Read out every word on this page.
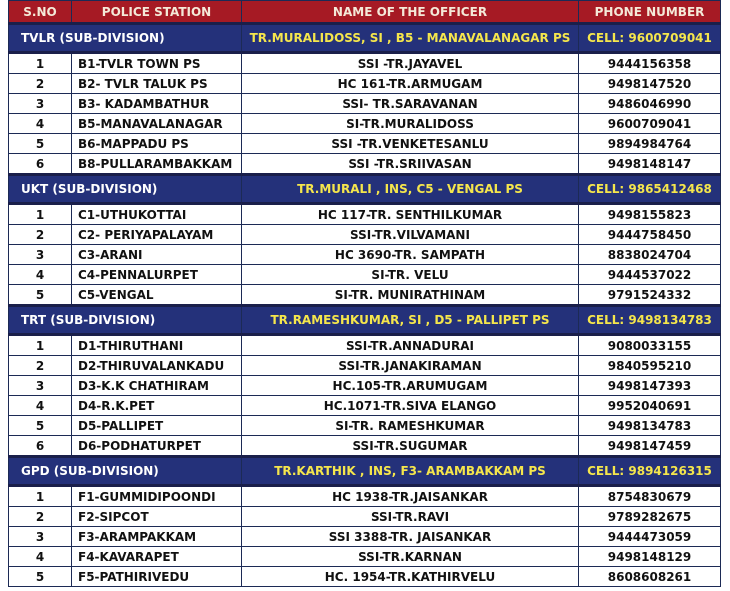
S.NO	POLICE STATION	NAME OF THE OFFICER	PHONE NUMBER
TVLR (SUB-DIVISION)		TR.MURALIDOSS, SI , B5 - MANAVALANAGAR PS	CELL: 9600709041
1	B1-TVLR TOWN PS	SSI -TR.JAYAVEL	9444156358
2	B2- TVLR TALUK PS	HC 161-TR.ARMUGAM	9498147520
3	B3- KADAMBATHUR	SSI- TR.SARAVANAN	9486046990
4	B5-MANAVALANAGAR	SI-TR.MURALIDOSS	9600709041
5	B6-MAPPADU PS	SSI -TR.VENKETESANLU	9894984764
6	B8-PULLARAMBAKKAM	SSI -TR.SRIIVASAN	9498148147
UKT (SUB-DIVISION)		TR.MURALI , INS, C5 - VENGAL PS	CELL: 9865412468
1	C1-UTHUKOTTAI	HC 117-TR. SENTHILKUMAR	9498155823
2	C2- PERIYAPALAYAM	SSI-TR.VILVAMANI	9444758450
3	C3-ARANI	HC 3690-TR. SAMPATH	8838024704
4	C4-PENNALURPET	SI-TR. VELU	9444537022
5	C5-VENGAL	SI-TR. MUNIRATHINAM	9791524332
TRT (SUB-DIVISION)		TR.RAMESHKUMAR, SI , D5 - PALLIPET PS	CELL: 9498134783
1	D1-THIRUTHANI	SSI-TR.ANNADURAI	9080033155
2	D2-THIRUVALANKADU	SSI-TR.JANAKIRAMAN	9840595210
3	D3-K.K CHATHIRAM	HC.105-TR.ARUMUGAM	9498147393
4	D4-R.K.PET	HC.1071-TR.SIVA ELANGO	9952040691
5	D5-PALLIPET	SI-TR. RAMESHKUMAR	9498134783
6	D6-PODHATURPET	SSI-TR.SUGUMAR	9498147459
GPD (SUB-DIVISION)		TR.KARTHIK , INS, F3- ARAMBAKKAM PS	CELL: 9894126315
1	F1-GUMMIDIPOONDI	HC 1938-TR.JAISANKAR	8754830679
2	F2-SIPCOT	SSI-TR.RAVI	9789282675
3	F3-ARAMPAKKAM	SSI 3388-TR. JAISANKAR	9444473059
4	F4-KAVARAPET	SSI-TR.KARNAN	9498148129
5	F5-PATHIRIVEDU	HC. 1954-TR.KATHIRVELU	8608608261
